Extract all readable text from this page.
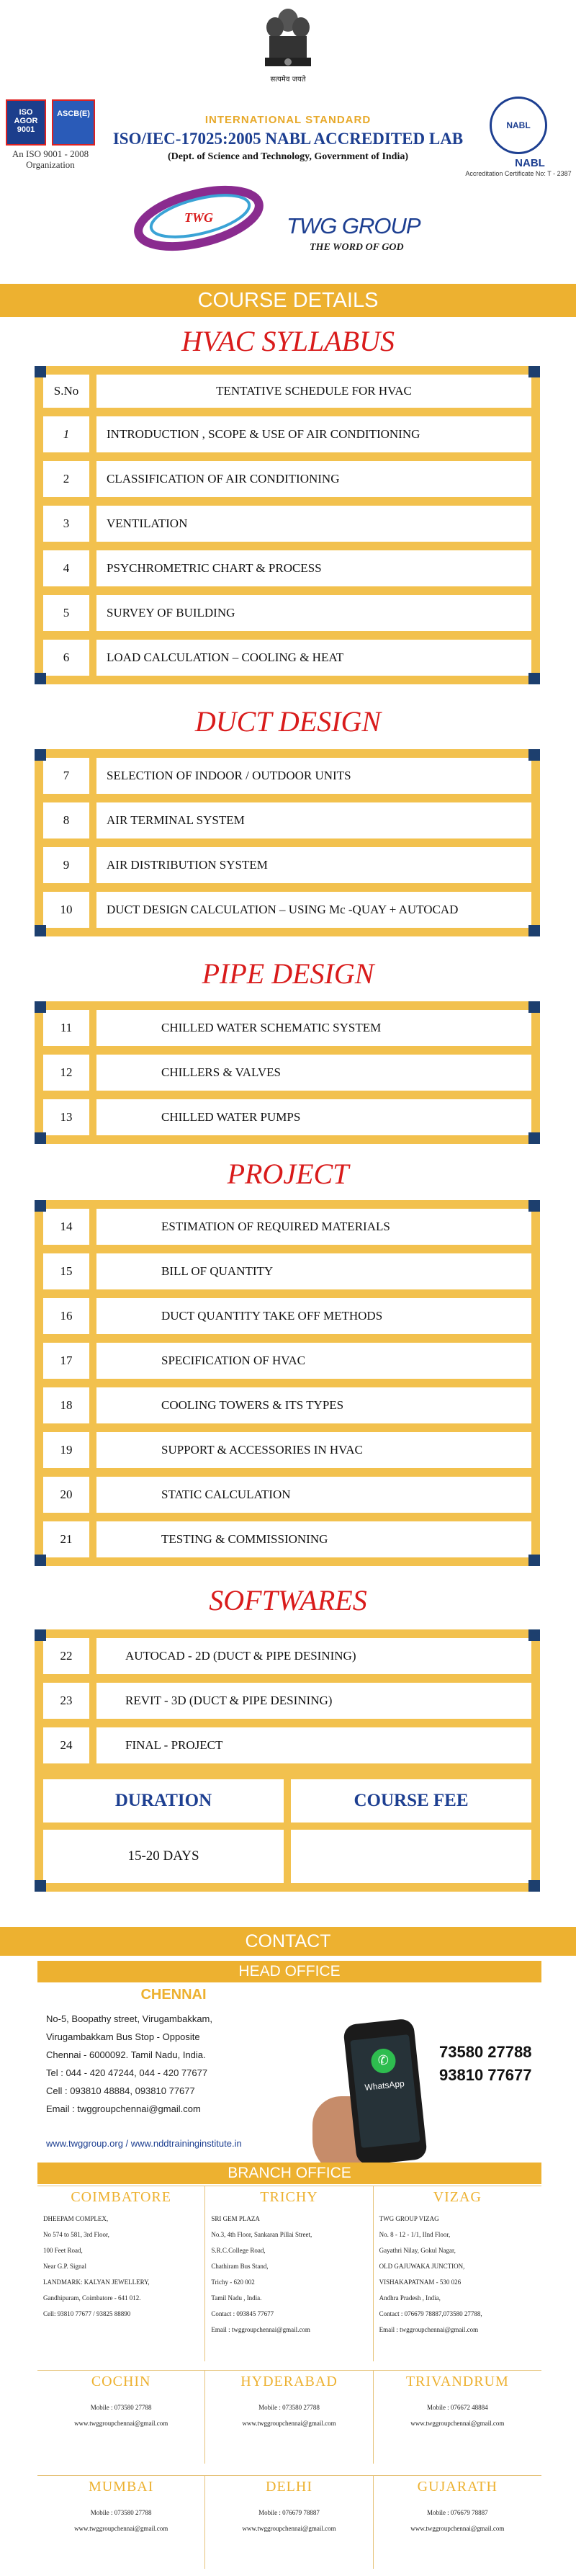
सत्यमेव जयते
ISO AGOR 9001
ASCB(E)
An ISO 9001 - 2008 Organization
INTERNATIONAL STANDARD
ISO/IEC-17025:2005 NABL ACCREDITED LAB
(Dept. of Science and Technology, Government of India)
NABL
NABL
Accreditation Certificate No: T - 2387
TWG	TWG GROUP
THE WORD OF GOD
COURSE DETAILS
HVAC SYLLABUS
S.No	TENTATIVE SCHEDULE FOR HVAC
1	INTRODUCTION , SCOPE & USE OF AIR CONDITIONING
2	CLASSIFICATION OF AIR CONDITIONING
3	VENTILATION
4	PSYCHROMETRIC CHART & PROCESS
5	SURVEY OF BUILDING
6	LOAD CALCULATION – COOLING & HEAT
DUCT DESIGN
7	SELECTION OF INDOOR / OUTDOOR UNITS
8	AIR TERMINAL SYSTEM
9	AIR DISTRIBUTION SYSTEM
10	DUCT DESIGN CALCULATION – USING Mc -QUAY + AUTOCAD
PIPE DESIGN
11	CHILLED WATER SCHEMATIC SYSTEM
12	CHILLERS & VALVES
13	CHILLED WATER PUMPS
PROJECT
14	ESTIMATION OF REQUIRED MATERIALS
15	BILL OF QUANTITY
16	DUCT QUANTITY TAKE OFF METHODS
17	SPECIFICATION OF HVAC
18	COOLING TOWERS & ITS TYPES
19	SUPPORT & ACCESSORIES IN HVAC
20	STATIC CALCULATION
21	TESTING & COMMISSIONING
SOFTWARES
22	AUTOCAD - 2D (DUCT & PIPE DESINING)
23	REVIT - 3D (DUCT & PIPE DESINING)
24	FINAL - PROJECT
DURATION	COURSE FEE
15-20 DAYS
CONTACT
HEAD OFFICE
CHENNAI
No-5, Boopathy street, Virugambakkam,
Virugambakkam Bus Stop - Opposite
Chennai - 6000092. Tamil Nadu, India.
Tel : 044 - 420 47244, 044 - 420 77677
Cell : 093810 48884, 093810 77677
Email : twggroupchennai@gmail.com
www.twggroup.org / www.nddtraininginstitute.in
✆
WhatsApp
73580 27788
93810 77677
BRANCH OFFICE
COIMBATORE
DHEEPAM COMPLEX,
No 574 to 581, 3rd Floor,
100 Feet Road,
Near G.P. Signal
LANDMARK: KALYAN JEWELLERY,
Gandhipuram, Coimbatore - 641 012.
Cell: 93810 77677 / 93825 88890
TRICHY
SRI GEM PLAZA
No.3, 4th Floor, Sankaran Pillai Street,
S.R.C.College Road,
Chathiram Bus Stand,
Trichy - 620 002
Tamil Nadu , India.
Contact : 093845 77677
Email : twggroupchennai@gmail.com
VIZAG
TWG GROUP VIZAG
No. 8 - 12 - 1/1, IInd Floor,
Gayathri Nilay, Gokul Nagar,
OLD GAJUWAKA JUNCTION,
VISHAKAPATNAM - 530 026
Andhra Pradesh , India,
Contact : 076679 78887,073580 27788,
Email : twggroupchennai@gmail.com
COCHIN
Mobile : 073580 27788
www.twggroupchennai@gmail.com
HYDERABAD
Mobile : 073580 27788
www.twggroupchennai@gmail.com
TRIVANDRUM
Mobile : 076672 48884
www.twggroupchennai@gmail.com
MUMBAI
Mobile : 073580 27788
www.twggroupchennai@gmail.com
DELHI
Mobile : 076679 78887
www.twggroupchennai@gmail.com
GUJARATH
Mobile : 076679 78887
www.twggroupchennai@gmail.com
